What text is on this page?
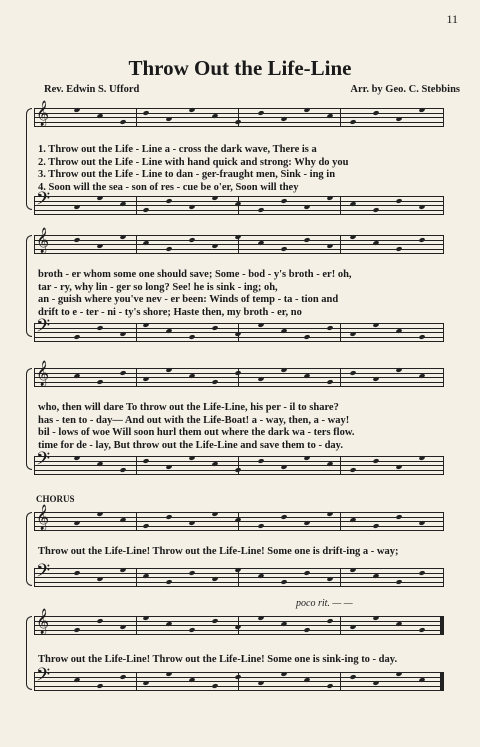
11
Throw Out the Life-Line
Rev. Edwin S. Ufford	Arr. by Geo. C. Stebbins
𝄞
1. Throw out the Life - Line a - cross the dark wave, There is a
2. Throw out the Life - Line with hand quick and strong: Why do you
3. Throw out the Life - Line to dan - ger-fraught men, Sink - ing in
4. Soon will the sea - son of res - cue be o'er, Soon will they
𝄢
𝄞
broth - er whom some one should save; Some - bod - y's broth - er! oh,
tar - ry, why lin - ger so long? See! he is sink - ing; oh,
an - guish where you've nev - er been: Winds of temp - ta - tion and
drift to e - ter - ni - ty's shore; Haste then, my broth - er, no
𝄢
𝄞
who, then will dare To throw out the Life-Line, his per - il to share?
has - ten to - day— And out with the Life-Boat! a - way, then, a - way!
bil - lows of woe Will soon hurl them out where the dark wa - ters flow.
time for de - lay, But throw out the Life-Line and save them to - day.
𝄢
CHORUS
𝄞
Throw out the Life-Line! Throw out the Life-Line! Some one is drift-ing a - way;
𝄢
poco rit. — —
𝄞
Throw out the Life-Line! Throw out the Life-Line! Some one is sink-ing to - day.
𝄢
